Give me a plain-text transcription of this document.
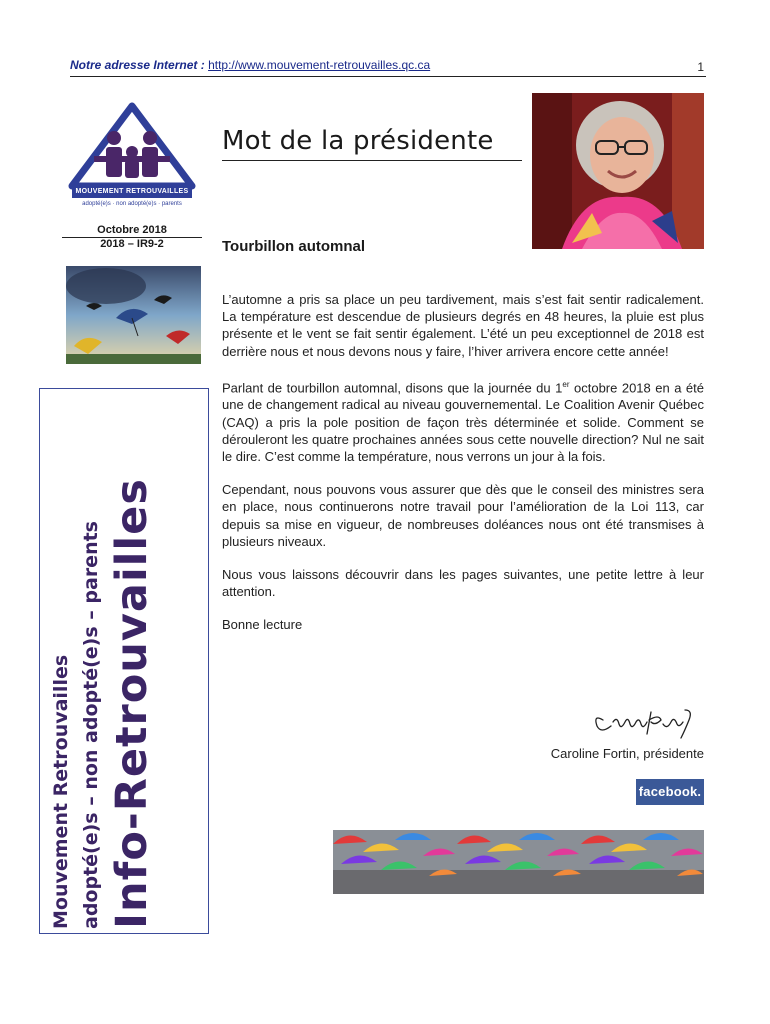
Notre adresse Internet : http://www.mouvement-retrouvailles.qc.ca	1
MOUVEMENT RETROUVAILLES
adopté(e)s · non adopté(e)s · parents
Octobre 2018
2018 – IR9-2
Mot de la présidente
Tourbillon automnal
Mouvement Retrouvailles adopté(e)s – non adopté(e)s – parents Info-Retrouvailles

L’automne a pris sa place un peu tardivement, mais s’est fait sentir radicalement. La température est descendue de plusieurs degrés en 48 heures, la pluie est plus présente et le vent se fait sentir également. L’été un peu exceptionnel de 2018 est derrière nous et nous devons nous y faire, l’hiver arrivera encore cette année!

Parlant de tourbillon automnal, disons que la journée du 1er octobre 2018 en a été une de changement radical au niveau gouvernemental. Le Coalition Avenir Québec (CAQ) a pris la pole position de façon très déterminée et solide. Comment se dérouleront les quatre prochaines années sous cette nouvelle direction? Nul ne sait le dire. C’est comme la température, nous verrons un jour à la fois.

Cependant, nous pouvons vous assurer que dès que le conseil des ministres sera en place, nous continuerons notre travail pour l’amélioration de la Loi 113, car depuis sa mise en vigueur, de nombreuses doléances nous ont été transmises à plusieurs niveaux.

Nous vous laissons découvrir dans les pages suivantes, une petite lettre à leur attention.

Bonne lecture

Caroline Fortin, présidente
facebook.
